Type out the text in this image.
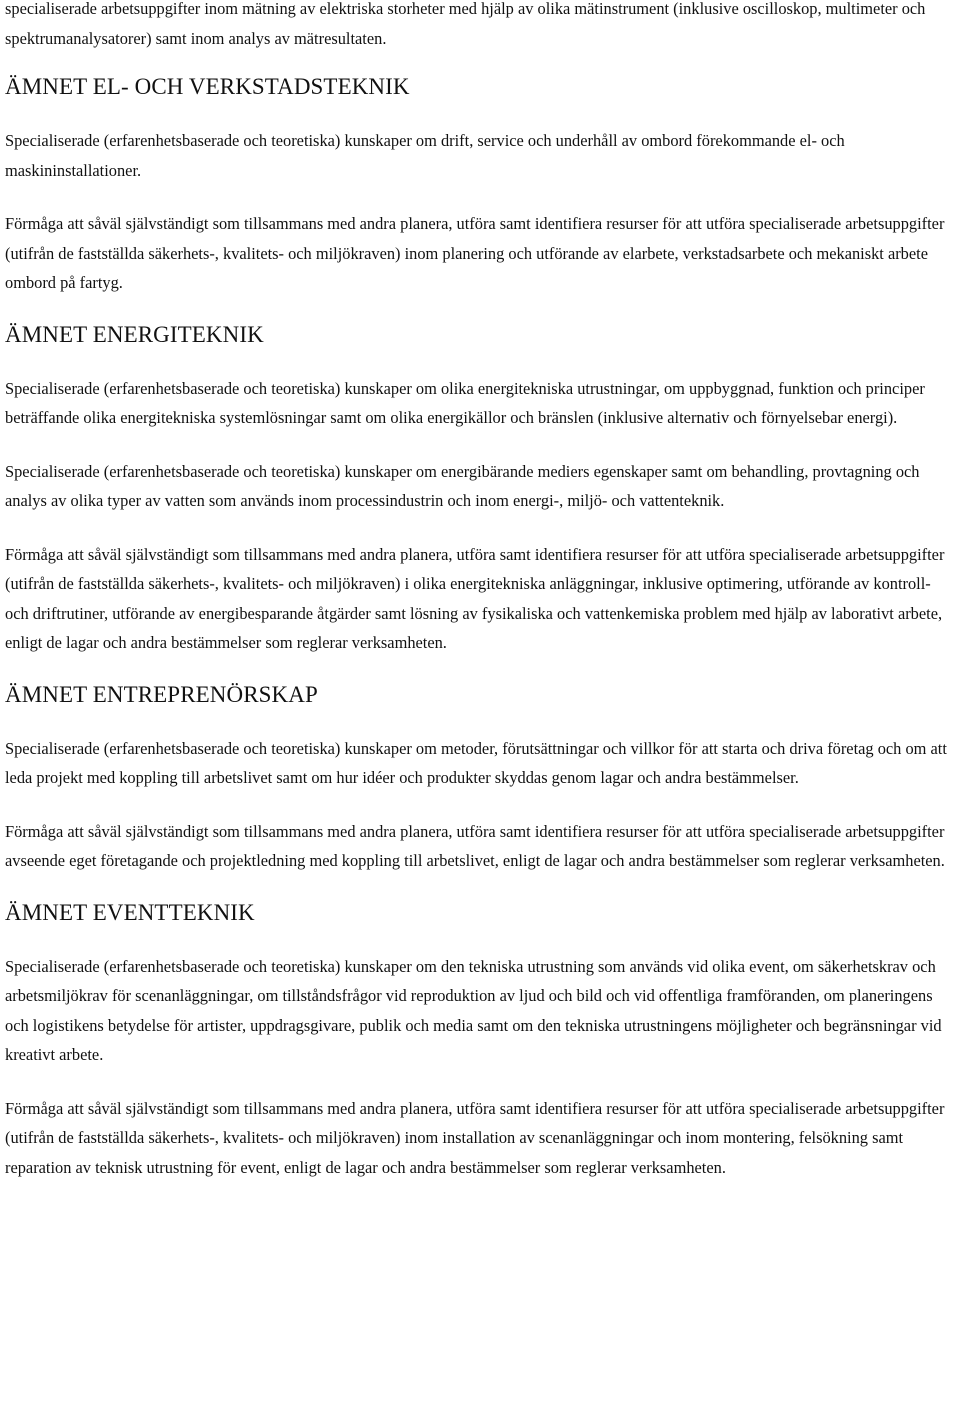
specialiserade arbetsuppgifter inom mätning av elektriska storheter med hjälp av olika mätinstrument (inklusive oscilloskop, multimeter och spektrumanalysatorer) samt inom analys av mätresultaten.

ÄMNET EL- OCH VERKSTADSTEKNIK

Specialiserade (erfarenhetsbaserade och teoretiska) kunskaper om drift, service och underhåll av ombord förekommande el- och maskininstallationer.

Förmåga att såväl självständigt som tillsammans med andra planera, utföra samt identifiera resurser för att utföra specialiserade arbetsuppgifter (utifrån de fastställda säkerhets-, kvalitets- och miljökraven) inom planering och utförande av elarbete, verkstadsarbete och mekaniskt arbete ombord på fartyg.

ÄMNET ENERGITEKNIK

Specialiserade (erfarenhetsbaserade och teoretiska) kunskaper om olika energitekniska utrustningar, om uppbyggnad, funktion och principer beträffande olika energitekniska systemlösningar samt om olika energikällor och bränslen (inklusive alternativ och förnyelsebar energi).

Specialiserade (erfarenhetsbaserade och teoretiska) kunskaper om energibärande mediers egenskaper samt om behandling, provtagning och analys av olika typer av vatten som används inom processindustrin och inom energi-, miljö- och vattenteknik.

Förmåga att såväl självständigt som tillsammans med andra planera, utföra samt identifiera resurser för att utföra specialiserade arbetsuppgifter (utifrån de fastställda säkerhets-, kvalitets- och miljökraven) i olika energitekniska anläggningar, inklusive optimering, utförande av kontroll- och driftrutiner, utförande av energibesparande åtgärder samt lösning av fysikaliska och vattenkemiska problem med hjälp av laborativt arbete, enligt de lagar och andra bestämmelser som reglerar verksamheten.

ÄMNET ENTREPRENÖRSKAP

Specialiserade (erfarenhetsbaserade och teoretiska) kunskaper om metoder, förutsättningar och villkor för att starta och driva företag och om att leda projekt med koppling till arbetslivet samt om hur idéer och produkter skyddas genom lagar och andra bestämmelser.

Förmåga att såväl självständigt som tillsammans med andra planera, utföra samt identifiera resurser för att utföra specialiserade arbetsuppgifter avseende eget företagande och projektledning med koppling till arbetslivet, enligt de lagar och andra bestämmelser som reglerar verksamheten.

ÄMNET EVENTTEKNIK

Specialiserade (erfarenhetsbaserade och teoretiska) kunskaper om den tekniska utrustning som används vid olika event, om säkerhetskrav och arbetsmiljökrav för scenanläggningar, om tillståndsfrågor vid reproduktion av ljud och bild och vid offentliga framföranden, om planeringens och logistikens betydelse för artister, uppdragsgivare, publik och media samt om den tekniska utrustningens möjligheter och begränsningar vid kreativt arbete.

Förmåga att såväl självständigt som tillsammans med andra planera, utföra samt identifiera resurser för att utföra specialiserade arbetsuppgifter (utifrån de fastställda säkerhets-, kvalitets- och miljökraven) inom installation av scenanläggningar och inom montering, felsökning samt reparation av teknisk utrustning för event, enligt de lagar och andra bestämmelser som reglerar verksamheten.
